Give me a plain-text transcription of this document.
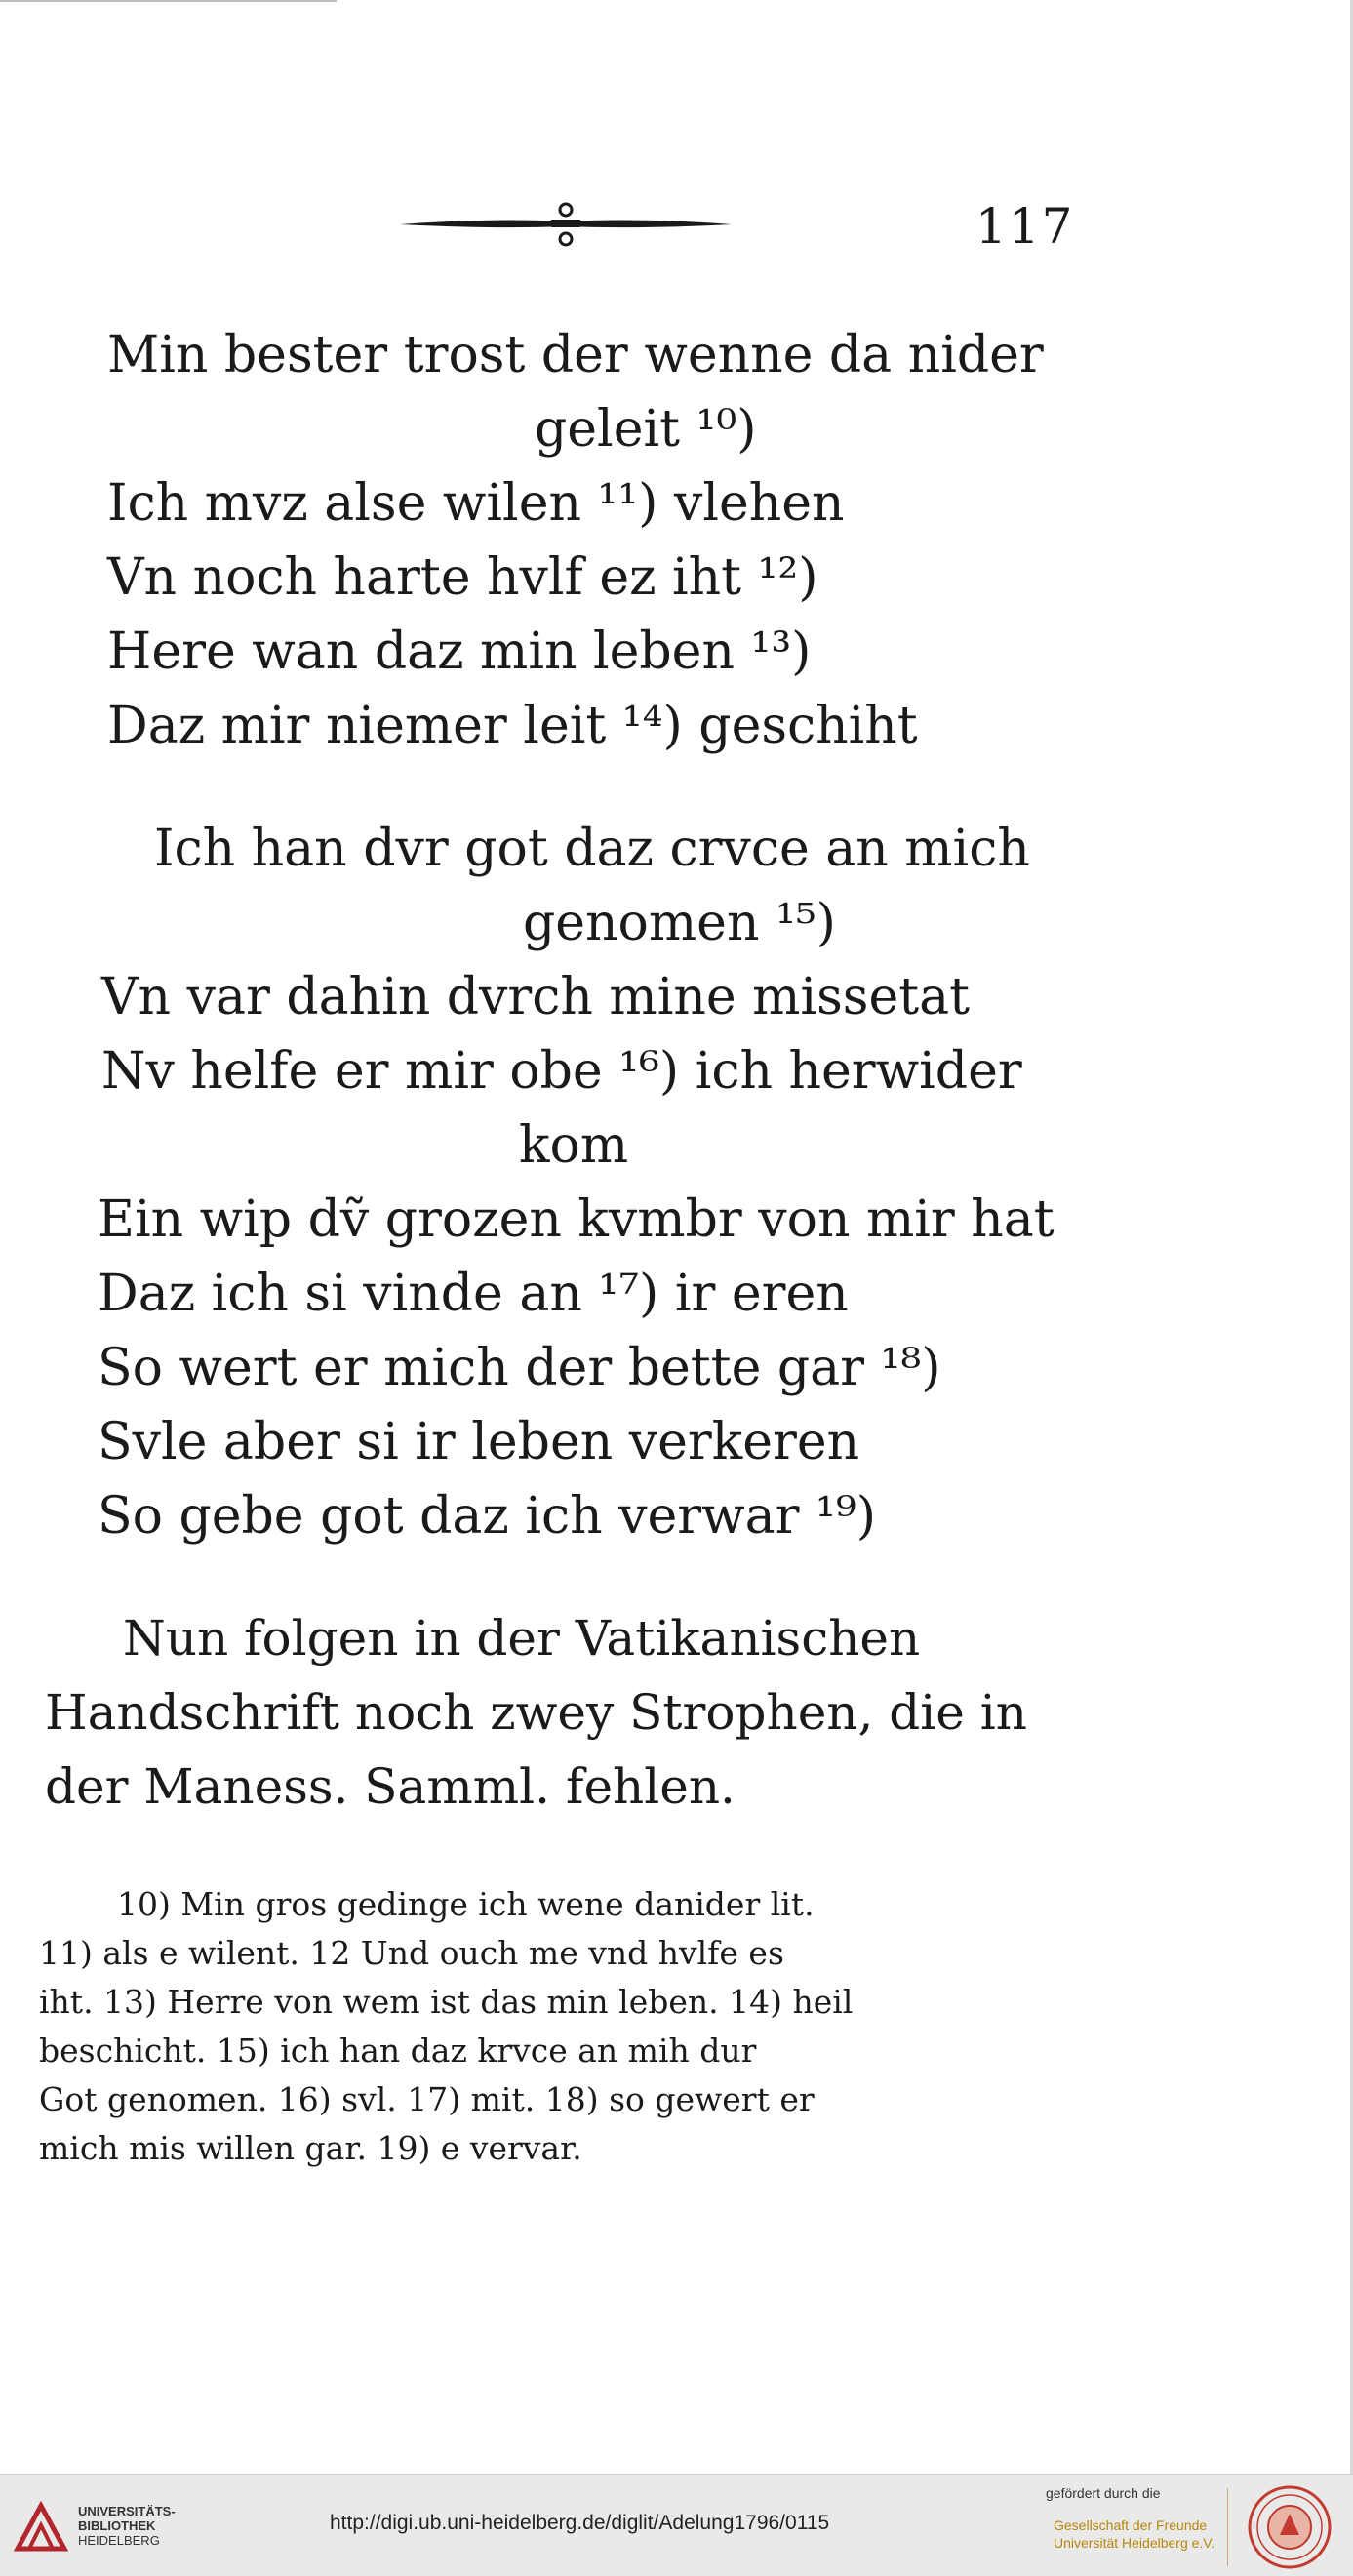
117
Min bester trost der wenne da nider
geleit ¹⁰)
Ich mvz alse wilen ¹¹) vlehen
Vn noch harte hvlf ez iht ¹²)
Here wan daz min leben ¹³)
Daz mir niemer leit ¹⁴) geschiht
Ich han dvr got daz crvce an mich
genomen ¹⁵)
Vn var dahin dvrch mine missetat
Nv helfe er mir obe ¹⁶) ich herwider
kom
Ein wip dṽ grozen kvmbr von mir hat
Daz ich si vinde an ¹⁷) ir eren
So wert er mich der bette gar ¹⁸)
Svle aber si ir leben verkeren
So gebe got daz ich verwar ¹⁹)
Nun folgen in der Vatikanischen
Handschrift noch zwey Strophen, die in
der Maness. Samml. fehlen.
10) Min gros gedinge ich wene danider lit.
11) als e wilent. 12 Und ouch me vnd hvlfe es
iht. 13) Herre von wem ist das min leben. 14) heil
beschicht. 15) ich han daz krvce an mih dur
Got genomen. 16) svl. 17) mit. 18) so gewert er
mich mis willen gar. 19) e vervar.
UNIVERSITÄTS-
BIBLIOTHEK
HEIDELBERG
http://digi.ub.uni-heidelberg.de/diglit/Adelung1796/0115
gefördert durch die
Gesellschaft der Freunde
Universität Heidelberg e.V.
